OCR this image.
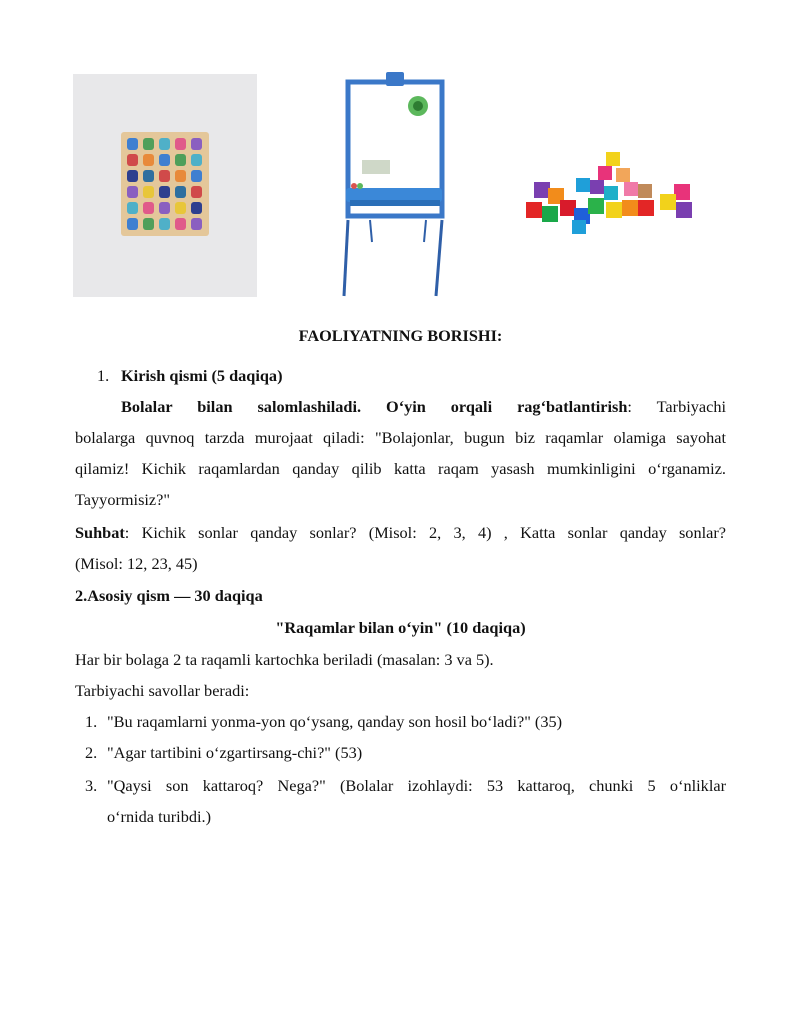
FAOLIYATNING BORISHI:
1. Kirish qismi (5 daqiqa)
Bolalar bilan salomlashiladi. O‘yin orqali rag‘batlantirish: Tarbiyachi
bolalarga quvnoq tarzda murojaat qiladi: "Bolajonlar, bugun biz raqamlar olamiga sayohat
qilamiz! Kichik raqamlardan qanday qilib katta raqam yasash mumkinligini o‘rganamiz.
Tayyormisiz?"
Suhbat: Kichik sonlar qanday sonlar? (Misol: 2, 3, 4) , Katta sonlar qanday sonlar?
(Misol: 12, 23, 45)
2.Asosiy qism — 30 daqiqa
"Raqamlar bilan o‘yin" (10 daqiqa)
Har bir bolaga 2 ta raqamli kartochka beriladi (masalan: 3 va 5).
Tarbiyachi savollar beradi:
1. "Bu raqamlarni yonma-yon qo‘ysang, qanday son hosil bo‘ladi?" (35)
2. "Agar tartibini o‘zgartirsang-chi?" (53)
3. "Qaysi son kattaroq? Nega?" (Bolalar izohlaydi: 53 kattaroq, chunki 5 o‘nliklar
o‘rnida turibdi.)
